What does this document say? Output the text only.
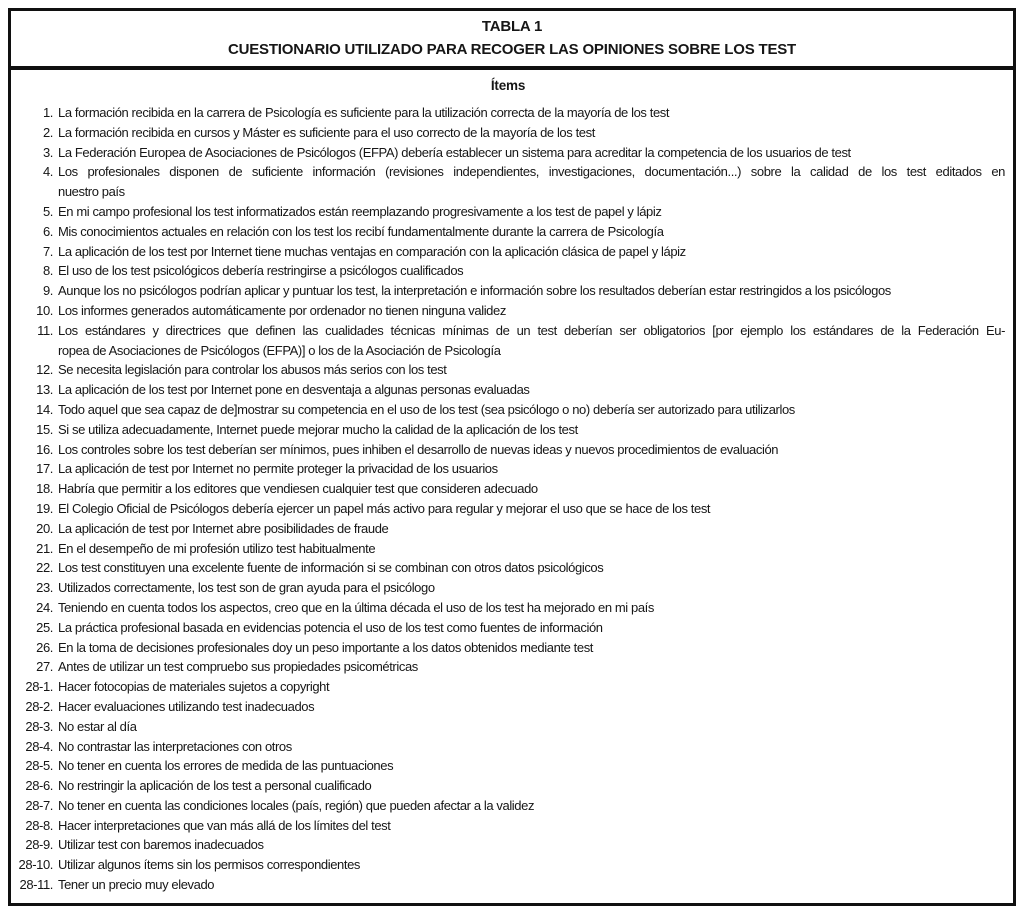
TABLA 1
CUESTIONARIO UTILIZADO PARA RECOGER LAS OPINIONES SOBRE LOS TEST
Ítems
1. La formación recibida en la carrera de Psicología es suficiente para la utilización correcta de la mayoría de los test
2. La formación recibida en cursos y Máster es suficiente para el uso correcto de la mayoría de los test
3. La Federación Europea de Asociaciones de Psicólogos (EFPA) debería establecer un sistema para acreditar la competencia de los usuarios de test
4. Los profesionales disponen de suficiente información (revisiones independientes, investigaciones, documentación...) sobre la calidad de los test editados en
nuestro país
5. En mi campo profesional los test informatizados están reemplazando progresivamente a los test de papel y lápiz
6. Mis conocimientos actuales en relación con los test los recibí fundamentalmente durante la carrera de Psicología
7. La aplicación de los test por Internet tiene muchas ventajas en comparación con la aplicación clásica de papel y lápiz
8. El uso de los test psicológicos debería restringirse a psicólogos cualificados
9. Aunque los no psicólogos podrían aplicar y puntuar los test, la interpretación e información sobre los resultados deberían estar restringidos a los psicólogos
10. Los informes generados automáticamente por ordenador no tienen ninguna validez
11. Los estándares y directrices que definen las cualidades técnicas mínimas de un test deberían ser obligatorios [por ejemplo los estándares de la Federación Eu-
ropea de Asociaciones de Psicólogos (EFPA)] o los de la Asociación de Psicología
12. Se necesita legislación para controlar los abusos más serios con los test
13. La aplicación de los test por Internet pone en desventaja a algunas personas evaluadas
14. Todo aquel que sea capaz de de]mostrar su competencia en el uso de los test (sea psicólogo o no) debería ser autorizado para utilizarlos
15. Si se utiliza adecuadamente, Internet puede mejorar mucho la calidad de la aplicación de los test
16. Los controles sobre los test deberían ser mínimos, pues inhiben el desarrollo de nuevas ideas y nuevos procedimientos de evaluación
17. La aplicación de test por Internet no permite proteger la privacidad de los usuarios
18. Habría que permitir a los editores que vendiesen cualquier test que consideren adecuado
19. El Colegio Oficial de Psicólogos debería ejercer un papel más activo para regular y mejorar el uso que se hace de los test
20. La aplicación de test por Internet abre posibilidades de fraude
21. En el desempeño de mi profesión utilizo test habitualmente
22. Los test constituyen una excelente fuente de información si se combinan con otros datos psicológicos
23. Utilizados correctamente, los test son de gran ayuda para el psicólogo
24. Teniendo en cuenta todos los aspectos, creo que en la última década el uso de los test ha mejorado en mi país
25. La práctica profesional basada en evidencias potencia el uso de los test como fuentes de información
26. En la toma de decisiones profesionales doy un peso importante a los datos obtenidos mediante test
27. Antes de utilizar un test compruebo sus propiedades psicométricas
28-1. Hacer fotocopias de materiales sujetos a copyright
28-2. Hacer evaluaciones utilizando test inadecuados
28-3. No estar al día
28-4. No contrastar las interpretaciones con otros
28-5. No tener en cuenta los errores de medida de las puntuaciones
28-6. No restringir la aplicación de los test a personal cualificado
28-7. No tener en cuenta las condiciones locales (país, región) que pueden afectar a la validez
28-8. Hacer interpretaciones que van más allá de los límites del test
28-9. Utilizar test con baremos inadecuados
28-10. Utilizar algunos ítems sin los permisos correspondientes
28-11. Tener un precio muy elevado
